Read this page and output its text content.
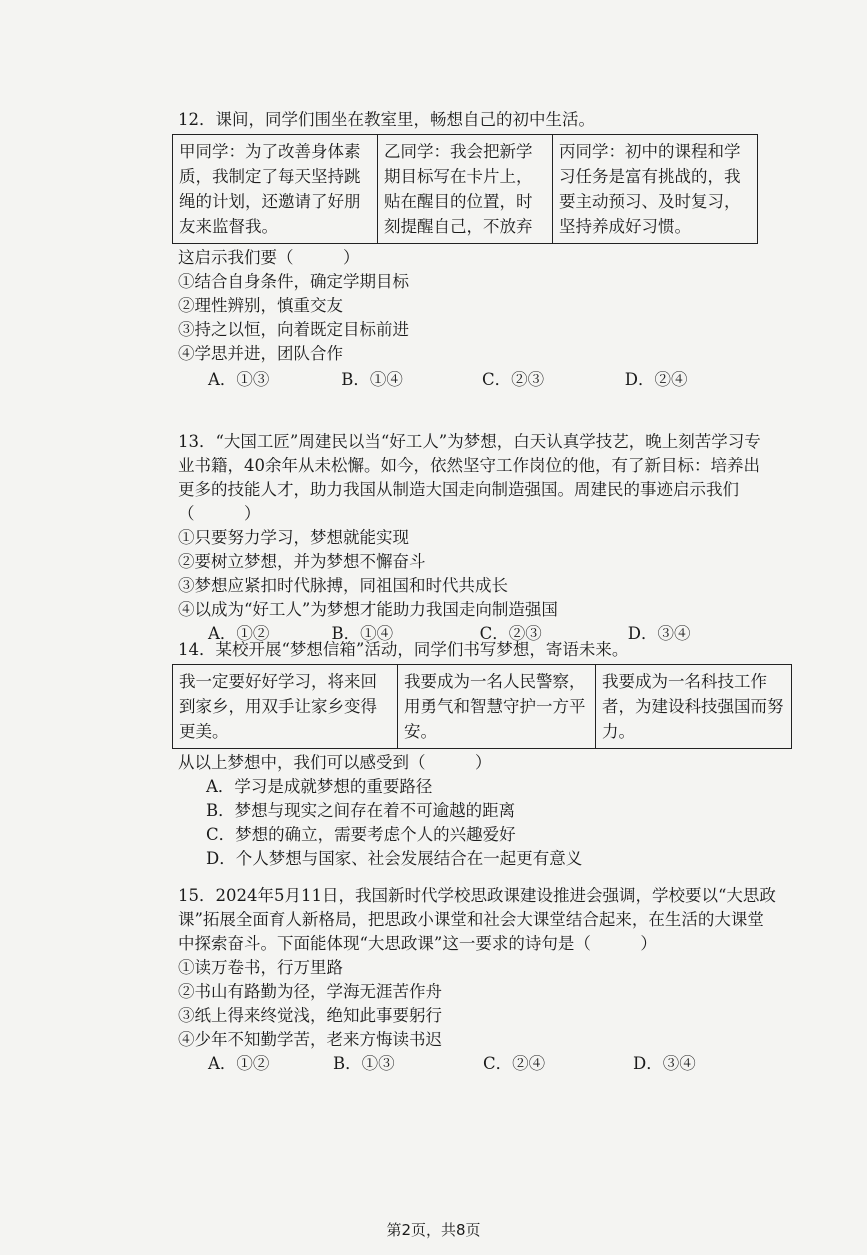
12．课间，同学们围坐在教室里，畅想自己的初中生活。

甲同学：为了改善身体素质，我制定了每天坚持跳绳的计划，还邀请了好朋友来监督我。
乙同学：我会把新学期目标写在卡片上，贴在醒目的位置，时刻提醒自己，不放弃
丙同学：初中的课程和学习任务是富有挑战的，我要主动预习、及时复习，坚持养成好习惯。

这启示我们要（　　　）

①结合自身条件，确定学期目标

②理性辨别，慎重交友

③持之以恒，向着既定目标前进

④学思并进，团队合作

A．①③	B．①④	C．②③	D．②④

13．“大国工匠”周建民以当“好工人”为梦想，白天认真学技艺，晚上刻苦学习专业书籍，40余年从未松懈。如今，依然坚守工作岗位的他，有了新目标：培养出更多的技能人才，助力我国从制造大国走向制造强国。周建民的事迹启示我们（　　　）

①只要努力学习，梦想就能实现

②要树立梦想，并为梦想不懈奋斗

③梦想应紧扣时代脉搏，同祖国和时代共成长

④以成为“好工人”为梦想才能助力我国走向制造强国

A．①②	B．①④	C．②③	D．③④

14．某校开展“梦想信箱”活动，同学们书写梦想，寄语未来。

我一定要好好学习，将来回到家乡，用双手让家乡变得更美。
我要成为一名人民警察，用勇气和智慧守护一方平安。
我要成为一名科技工作者，为建设科技强国而努力。

从以上梦想中，我们可以感受到（　　　）

A．学习是成就梦想的重要路径

B．梦想与现实之间存在着不可逾越的距离

C．梦想的确立，需要考虑个人的兴趣爱好

D．个人梦想与国家、社会发展结合在一起更有意义

15．2024年5月11日，我国新时代学校思政课建设推进会强调，学校要以“大思政课”拓展全面育人新格局，把思政小课堂和社会大课堂结合起来，在生活的大课堂中探索奋斗。下面能体现“大思政课”这一要求的诗句是（　　　）

①读万卷书，行万里路

②书山有路勤为径，学海无涯苦作舟

③纸上得来终觉浅，绝知此事要躬行

④少年不知勤学苦，老来方悔读书迟

A．①②	B．①③	C．②④	D．③④
第2页，共8页
